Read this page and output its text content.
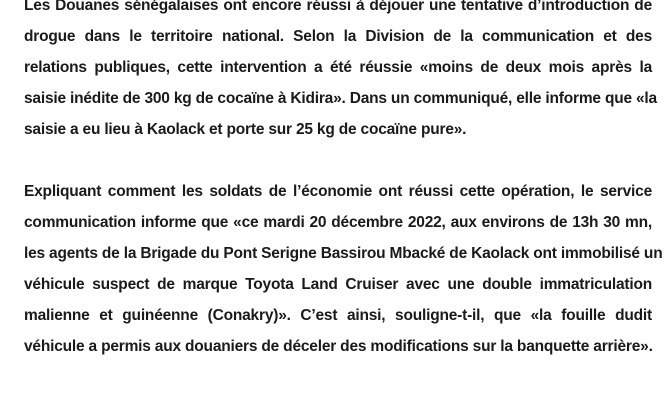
Les Douanes sénégalaises ont encore réussi à déjouer une tentative d’introduction de
drogue dans le territoire national. Selon la Division de la communication et des
relations publiques, cette intervention a été réussie «moins de deux mois après la
saisie inédite de 300 kg de cocaïne à Kidira». Dans un communiqué, elle informe que «la
saisie a eu lieu à Kaolack et porte sur 25 kg de cocaïne pure».
Expliquant comment les soldats de l’économie ont réussi cette opération, le service
communication informe que «ce mardi 20 décembre 2022, aux environs de 13h 30 mn,
les agents de la Brigade du Pont Serigne Bassirou Mbacké de Kaolack ont immobilisé un
véhicule suspect de marque Toyota Land Cruiser avec une double immatriculation
malienne et guinéenne (Conakry)». C’est ainsi, souligne-t-il, que «la fouille dudit
véhicule a permis aux douaniers de déceler des modifications sur la banquette arrière».
